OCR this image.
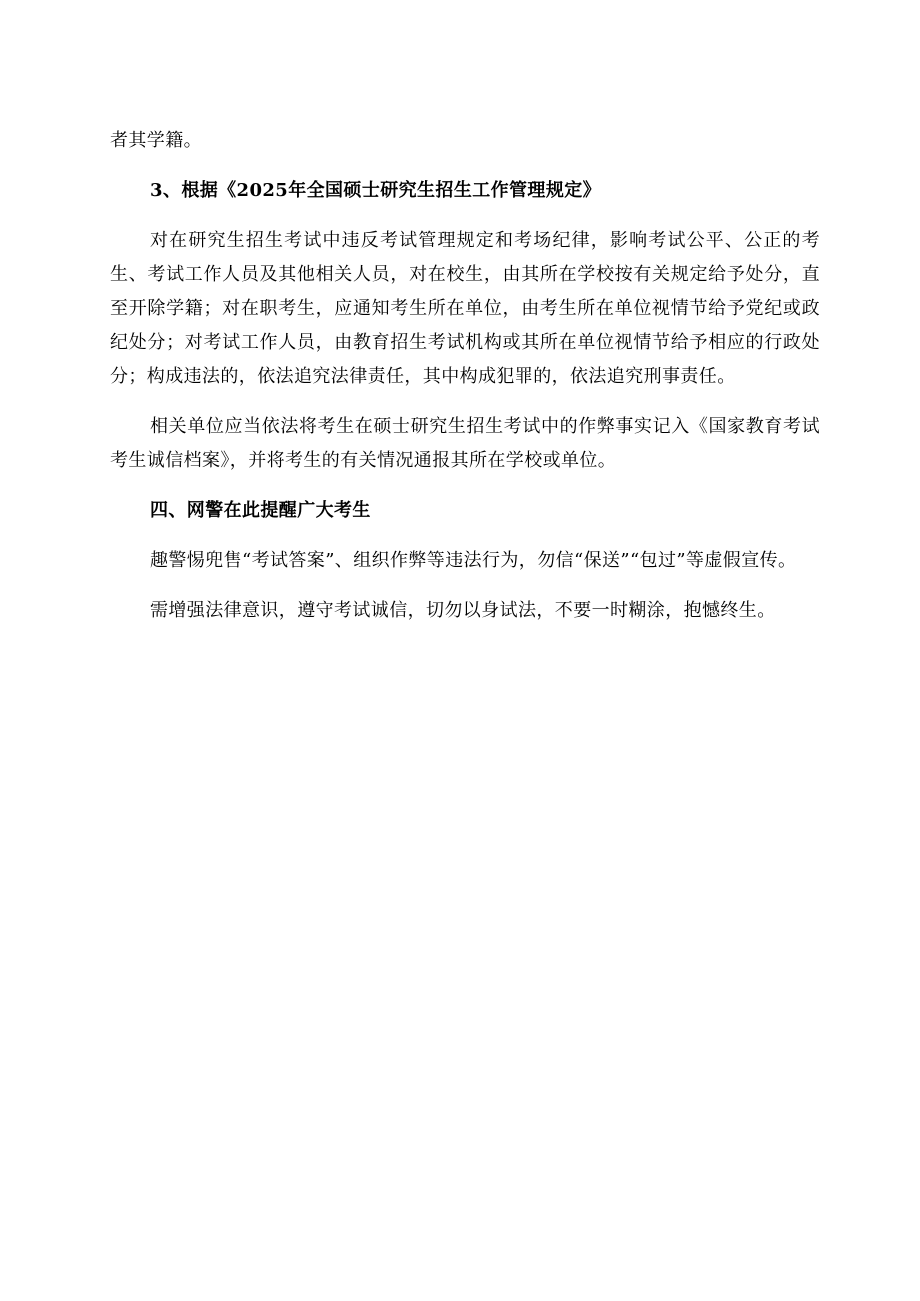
者其学籍。

3、根据《2025年全国硕士研究生招生工作管理规定》

对在研究生招生考试中违反考试管理规定和考场纪律，影响考试公平、公正的考生、考试工作人员及其他相关人员，对在校生，由其所在学校按有关规定给予处分，直至开除学籍；对在职考生，应通知考生所在单位，由考生所在单位视情节给予党纪或政纪处分；对考试工作人员，由教育招生考试机构或其所在单位视情节给予相应的行政处分；构成违法的，依法追究法律责任，其中构成犯罪的，依法追究刑事责任。

相关单位应当依法将考生在硕士研究生招生考试中的作弊事实记入《国家教育考试考生诚信档案》，并将考生的有关情况通报其所在学校或单位。

四、网警在此提醒广大考生

趣警惕兜售“考试答案”、组织作弊等违法行为，勿信“保送”“包过”等虚假宣传。

需增强法律意识，遵守考试诚信，切勿以身试法，不要一时糊涂，抱憾终生。
